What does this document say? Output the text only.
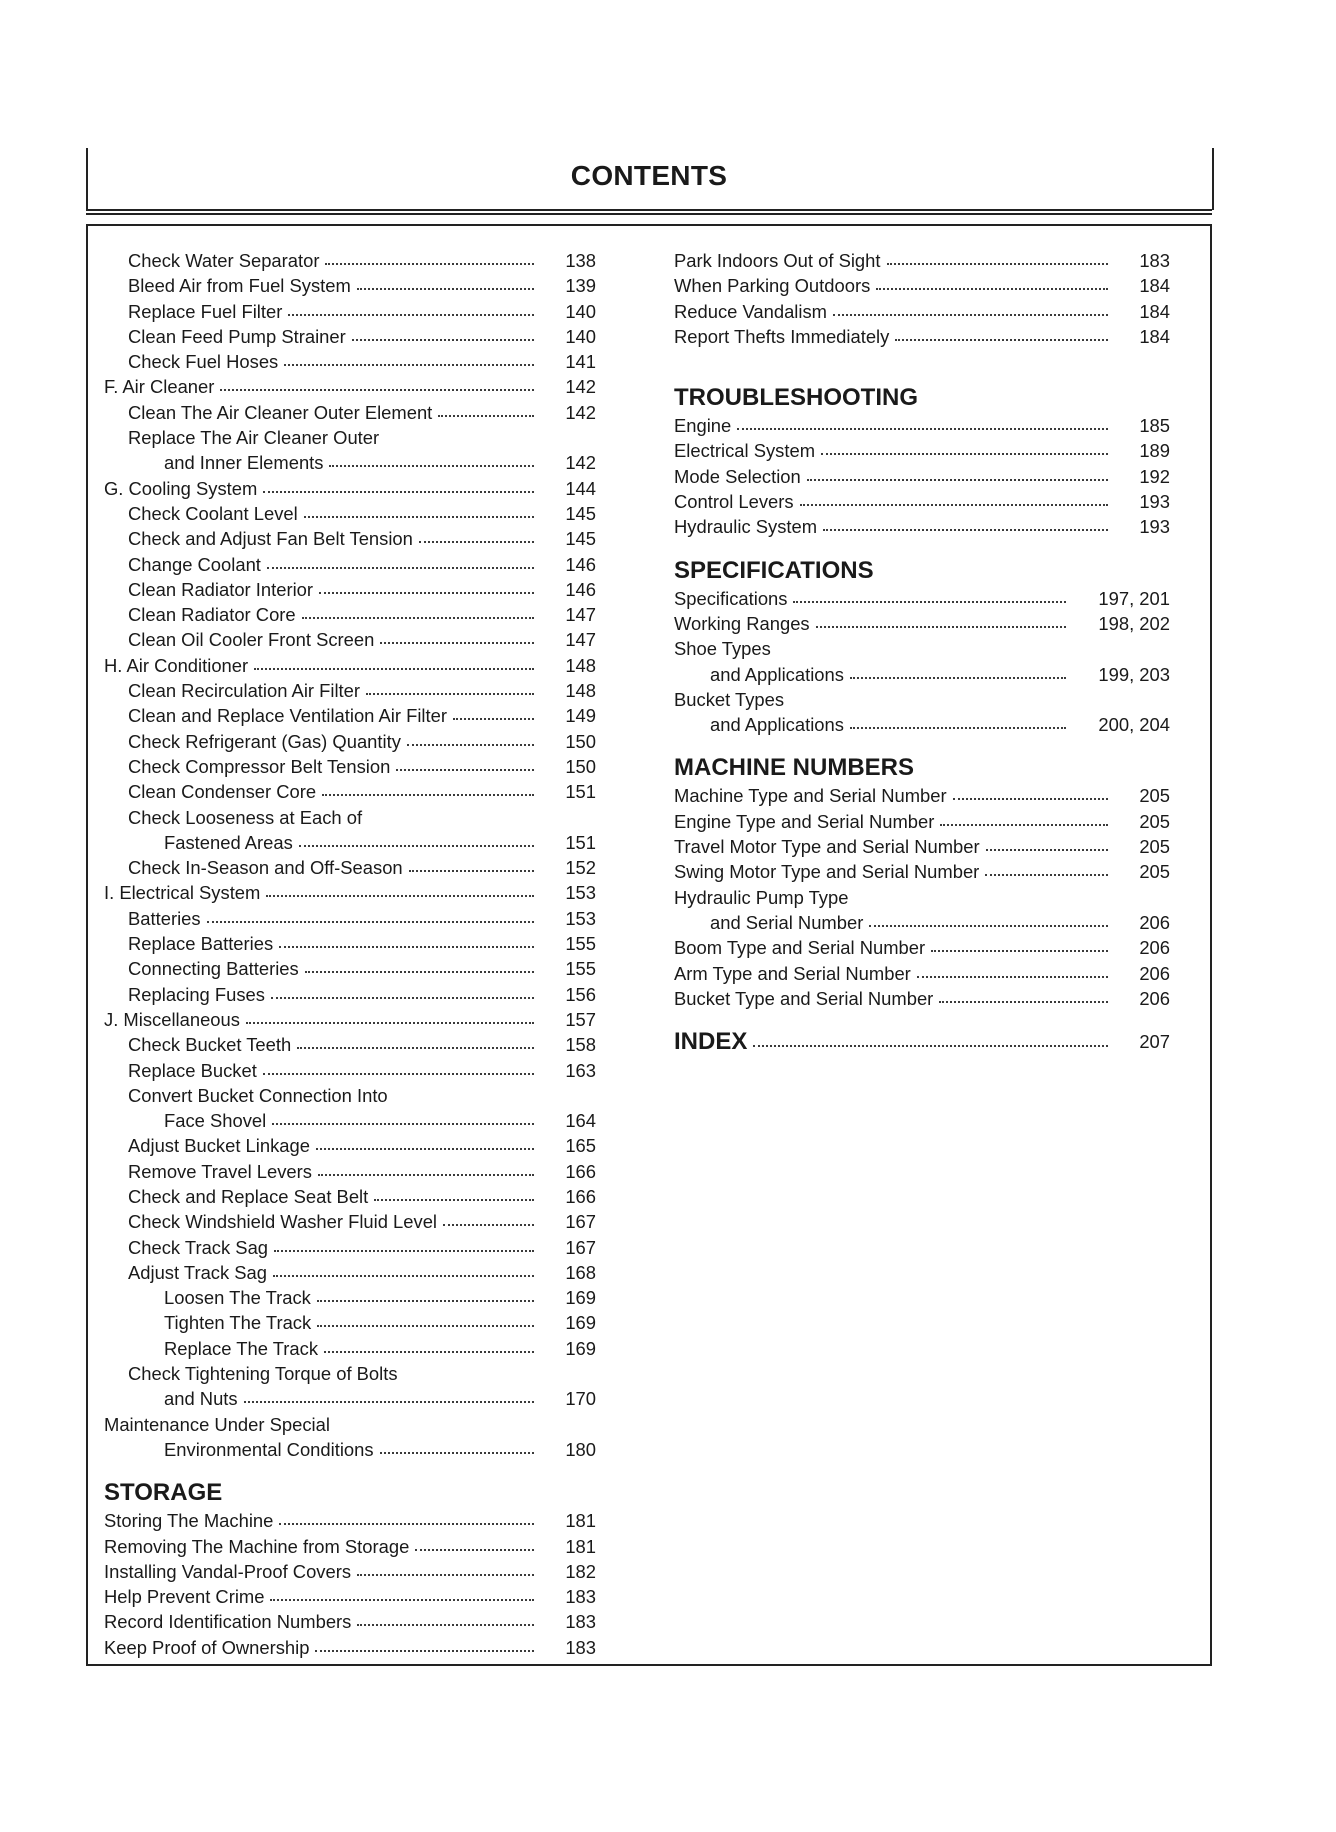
CONTENTS
Check Water Separator	138
Bleed Air from Fuel System	139
Replace Fuel Filter	140
Clean Feed Pump Strainer	140
Check Fuel Hoses	141
F. Air Cleaner	142
Clean The Air Cleaner Outer Element	142
Replace The Air Cleaner Outer
and Inner Elements	142
G. Cooling System	144
Check Coolant Level	145
Check and Adjust Fan Belt Tension	145
Change Coolant	146
Clean Radiator Interior	146
Clean Radiator Core	147
Clean Oil Cooler Front Screen	147
H. Air Conditioner	148
Clean Recirculation Air Filter	148
Clean and Replace Ventilation Air Filter	149
Check Refrigerant (Gas) Quantity	150
Check Compressor Belt Tension	150
Clean Condenser Core	151
Check Looseness at Each of
Fastened Areas	151
Check In-Season and Off-Season	152
I. Electrical System	153
Batteries	153
Replace Batteries	155
Connecting Batteries	155
Replacing Fuses	156
J. Miscellaneous	157
Check Bucket Teeth	158
Replace Bucket	163
Convert Bucket Connection Into
Face Shovel	164
Adjust Bucket Linkage	165
Remove Travel Levers	166
Check and Replace Seat Belt	166
Check Windshield Washer Fluid Level	167
Check Track Sag	167
Adjust Track Sag	168
Loosen The Track	169
Tighten The Track	169
Replace The Track	169
Check Tightening Torque of Bolts
and Nuts	170
Maintenance Under Special
Environmental Conditions	180
STORAGE
Storing The Machine	181
Removing The Machine from Storage	181
Installing Vandal-Proof Covers	182
Help Prevent Crime	183
Record Identification Numbers	183
Keep Proof of Ownership	183
Park Indoors Out of Sight	183
When Parking Outdoors	184
Reduce Vandalism	184
Report Thefts Immediately	184
TROUBLESHOOTING
Engine	185
Electrical System	189
Mode Selection	192
Control Levers	193
Hydraulic System	193
SPECIFICATIONS
Specifications	197, 201
Working Ranges	198, 202
Shoe Types
and Applications	199, 203
Bucket Types
and Applications	200, 204
MACHINE NUMBERS
Machine Type and Serial Number	205
Engine Type and Serial Number	205
Travel Motor Type and Serial Number	205
Swing Motor Type and Serial Number	205
Hydraulic Pump Type
and Serial Number	206
Boom Type and Serial Number	206
Arm Type and Serial Number	206
Bucket Type and Serial Number	206
INDEX	207
